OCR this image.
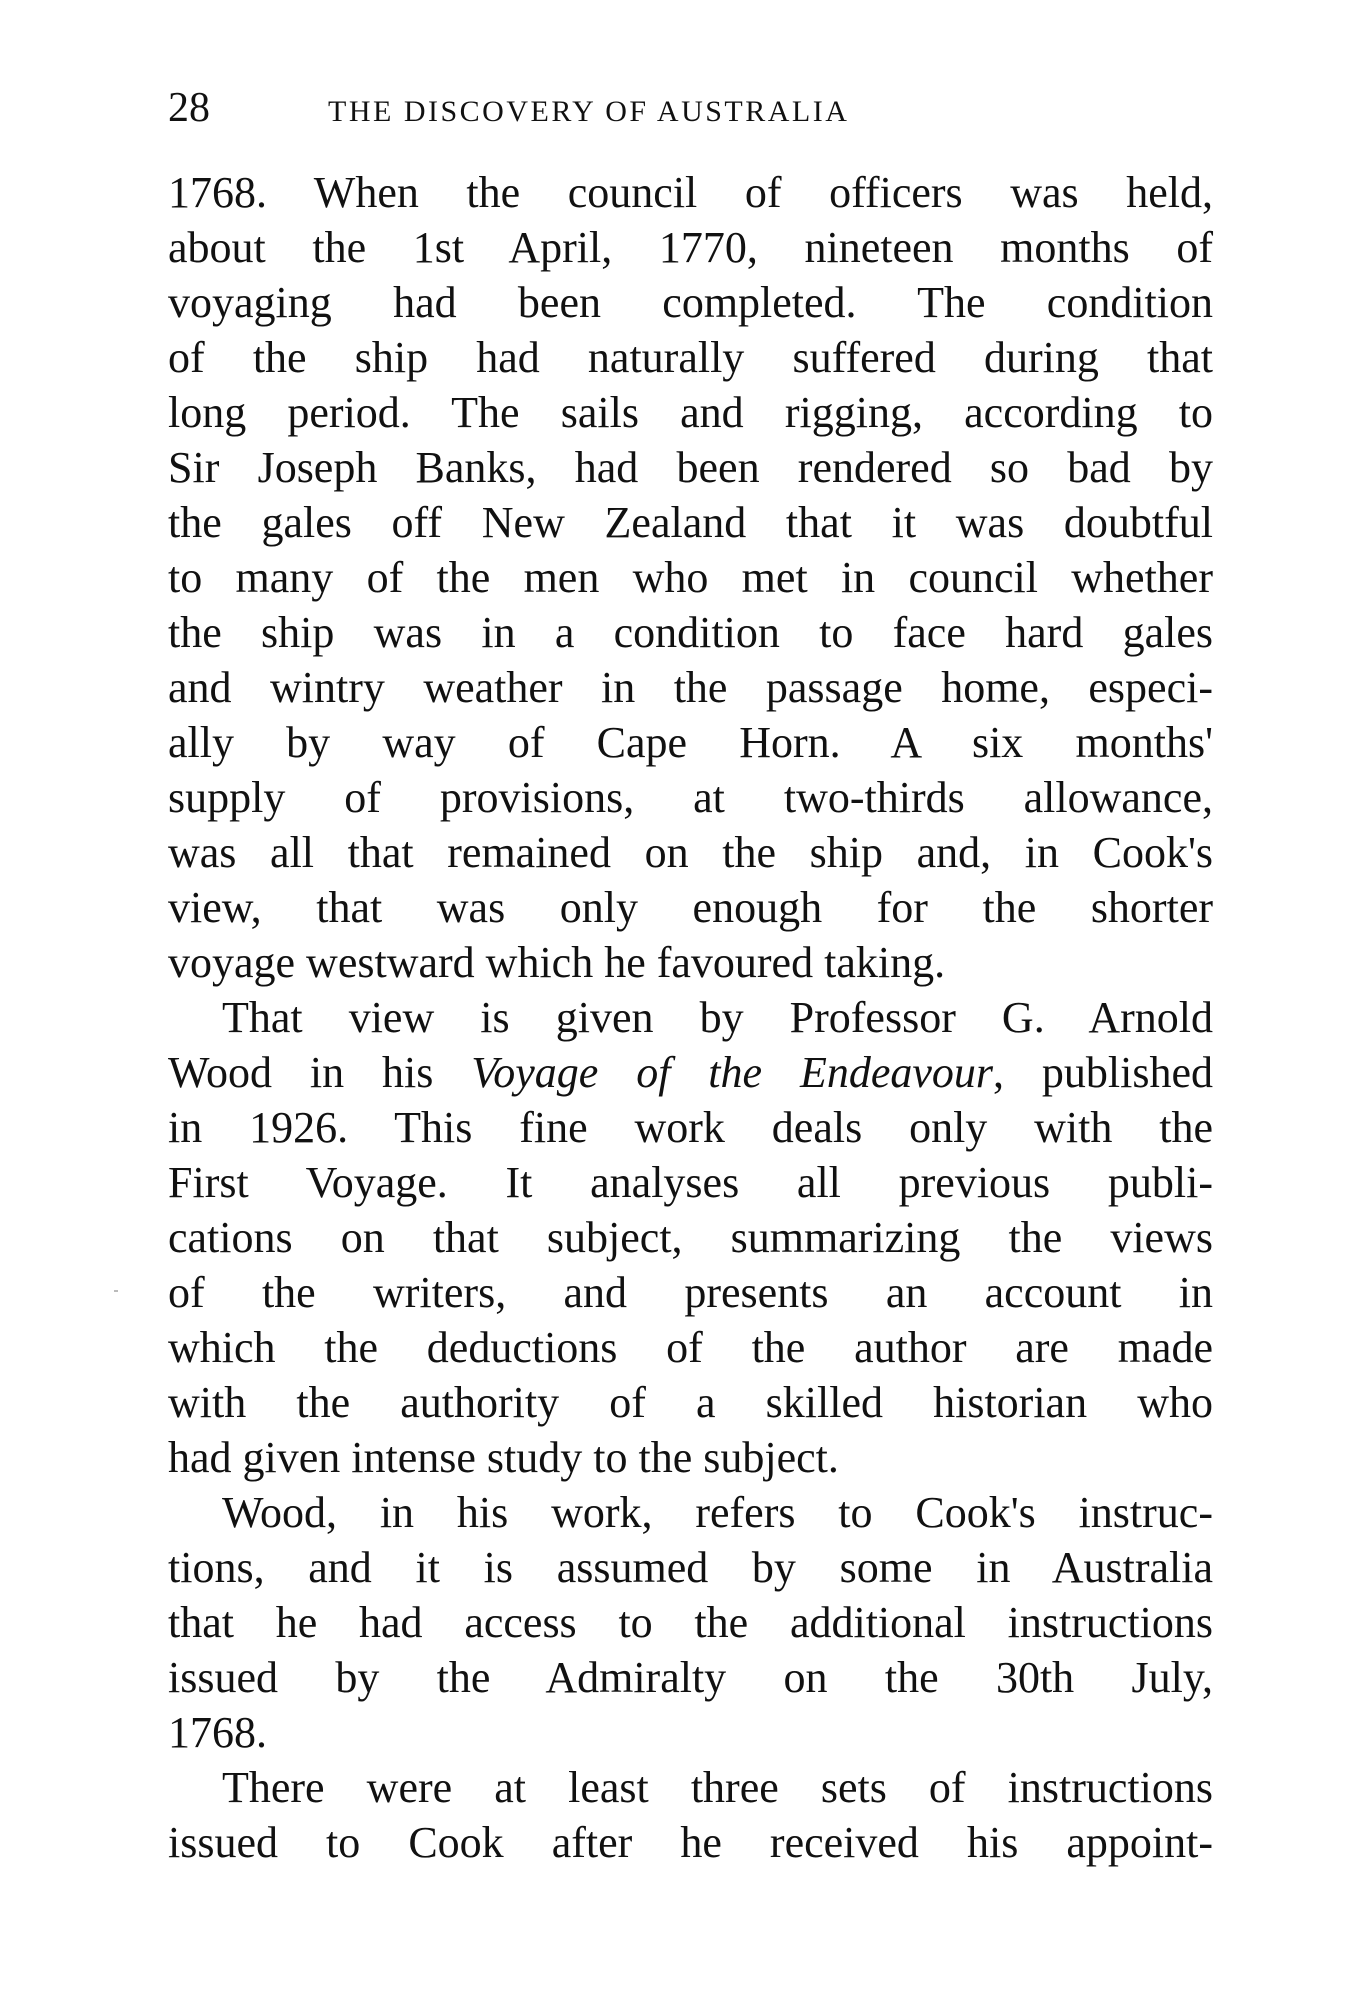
28	THE DISCOVERY OF AUSTRALIA
1768. When the council of officers was held,
about the 1st April, 1770, nineteen months of
voyaging had been completed. The condition
of the ship had naturally suffered during that
long period. The sails and rigging, according to
Sir Joseph Banks, had been rendered so bad by
the gales off New Zealand that it was doubtful
to many of the men who met in council whether
the ship was in a condition to face hard gales
and wintry weather in the passage home, especi-
ally by way of Cape Horn. A six months'
supply of provisions, at two-thirds allowance,
was all that remained on the ship and, in Cook's
view, that was only enough for the shorter
voyage westward which he favoured taking.
That view is given by Professor G. Arnold
Wood in his Voyage of the Endeavour, published
in 1926. This fine work deals only with the
First Voyage. It analyses all previous publi-
cations on that subject, summarizing the views
of the writers, and presents an account in
which the deductions of the author are made
with the authority of a skilled historian who
had given intense study to the subject.
Wood, in his work, refers to Cook's instruc-
tions, and it is assumed by some in Australia
that he had access to the additional instructions
issued by the Admiralty on the 30th July,
1768.
There were at least three sets of instructions
issued to Cook after he received his appoint-
